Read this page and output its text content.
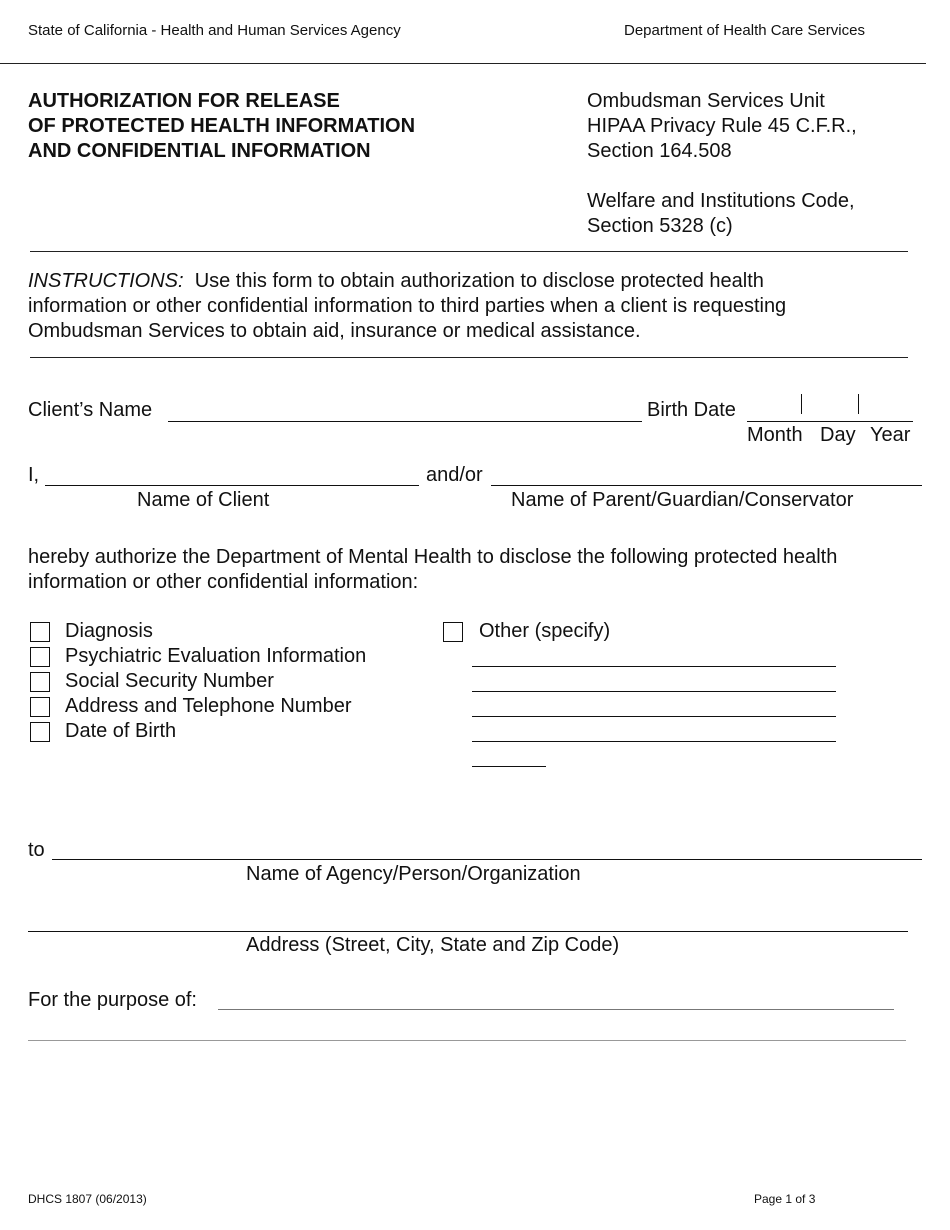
State of California - Health and Human Services Agency	Department of Health Care Services
AUTHORIZATION FOR RELEASE
OF PROTECTED HEALTH INFORMATION
AND CONFIDENTIAL INFORMATION
Ombudsman Services Unit
HIPAA Privacy Rule 45 C.F.R.,
Section 164.508
Welfare and Institutions Code,
Section 5328 (c)
INSTRUCTIONS: Use this form to obtain authorization to disclose protected health
information or other confidential information to third parties when a client is requesting
Ombudsman Services to obtain aid, insurance or medical assistance.
Client’s Name	Birth Date
Month Day Year
I,	and/or
Name of Client	Name of Parent/Guardian/Conservator
hereby authorize the Department of Mental Health to disclose the following protected health
information or other confidential information:
Diagnosis
Psychiatric Evaluation Information
Social Security Number
Address and Telephone Number
Date of Birth
Other (specify)
to
Name of Agency/Person/Organization
Address (Street, City, State and Zip Code)
For the purpose of:
DHCS 1807 (06/2013)	Page 1 of 3
